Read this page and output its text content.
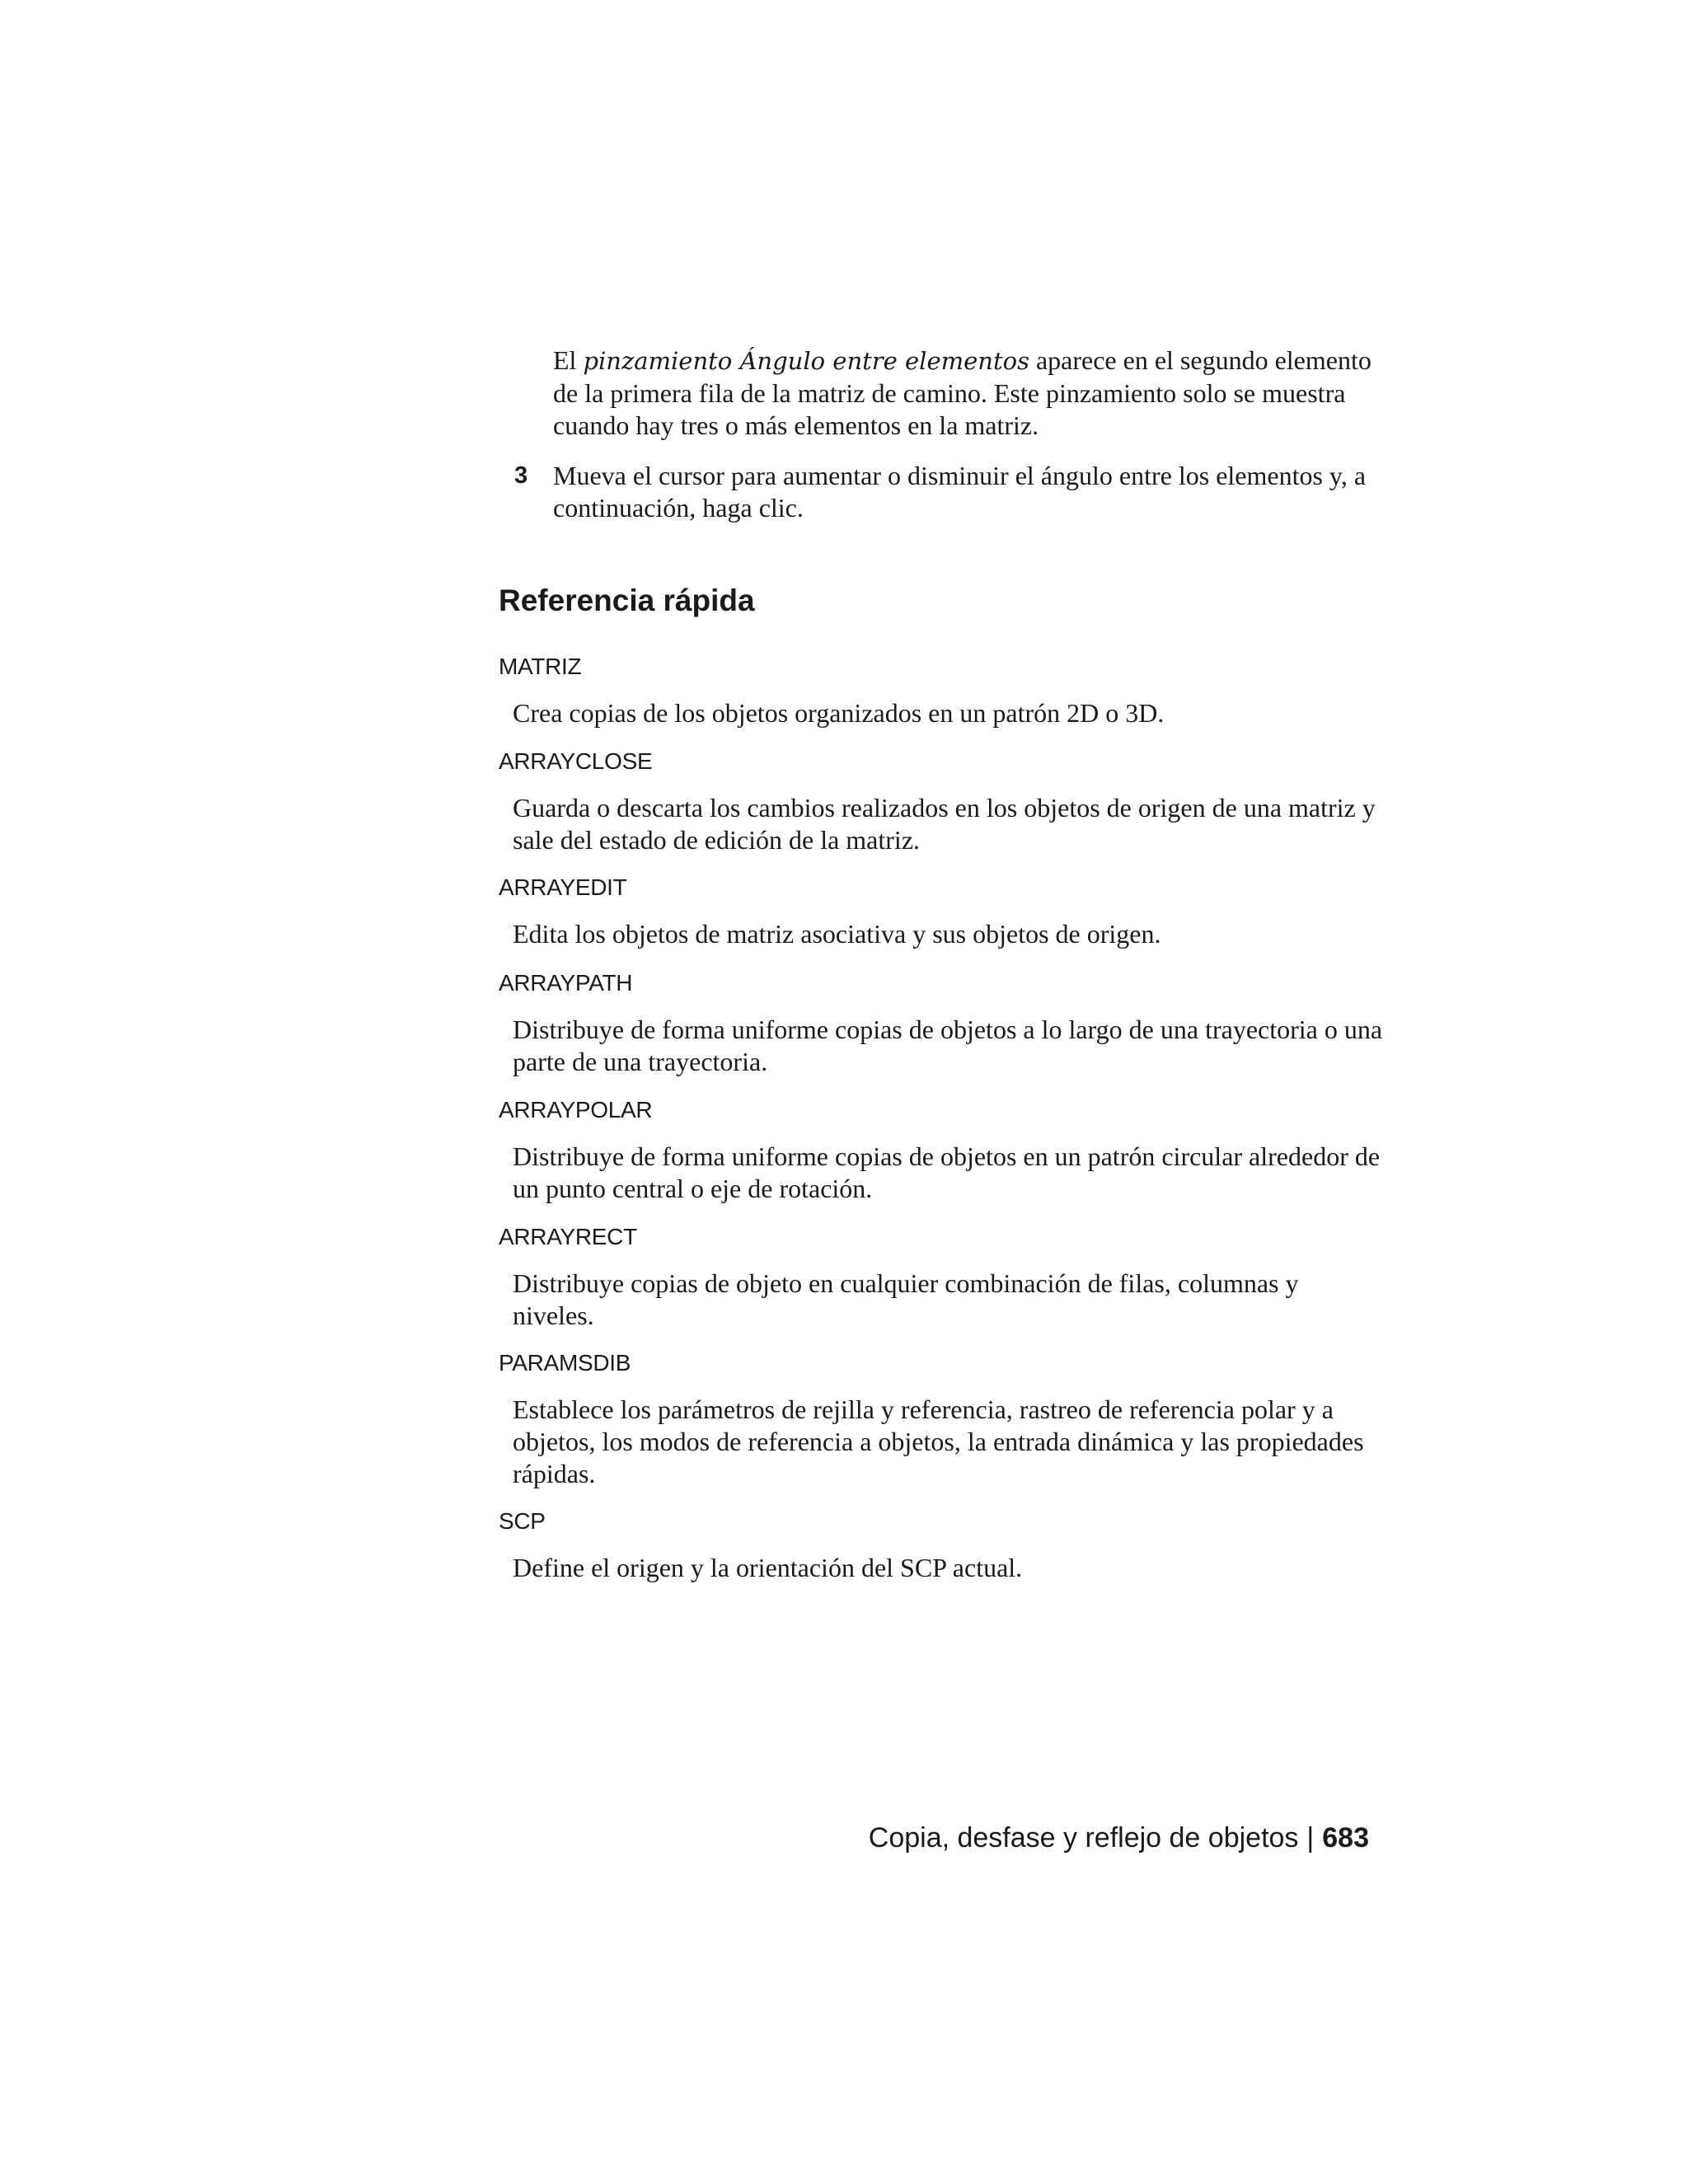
El pinzamiento Ángulo entre elementos aparece en el segundo elemento de la primera fila de la matriz de camino. Este pinzamiento solo se muestra cuando hay tres o más elementos en la matriz.

3 Mueva el cursor para aumentar o disminuir el ángulo entre los elementos y, a continuación, haga clic.
Referencia rápida

MATRIZ

Crea copias de los objetos organizados en un patrón 2D o 3D.

ARRAYCLOSE

Guarda o descarta los cambios realizados en los objetos de origen de una matriz y sale del estado de edición de la matriz.

ARRAYEDIT

Edita los objetos de matriz asociativa y sus objetos de origen.

ARRAYPATH

Distribuye de forma uniforme copias de objetos a lo largo de una trayectoria o una parte de una trayectoria.

ARRAYPOLAR

Distribuye de forma uniforme copias de objetos en un patrón circular alrededor de un punto central o eje de rotación.

ARRAYRECT

Distribuye copias de objeto en cualquier combinación de filas, columnas y niveles.

PARAMSDIB

Establece los parámetros de rejilla y referencia, rastreo de referencia polar y a objetos, los modos de referencia a objetos, la entrada dinámica y las propiedades rápidas.

SCP

Define el origen y la orientación del SCP actual.

Copia, desfase y reflejo de objetos | 683
